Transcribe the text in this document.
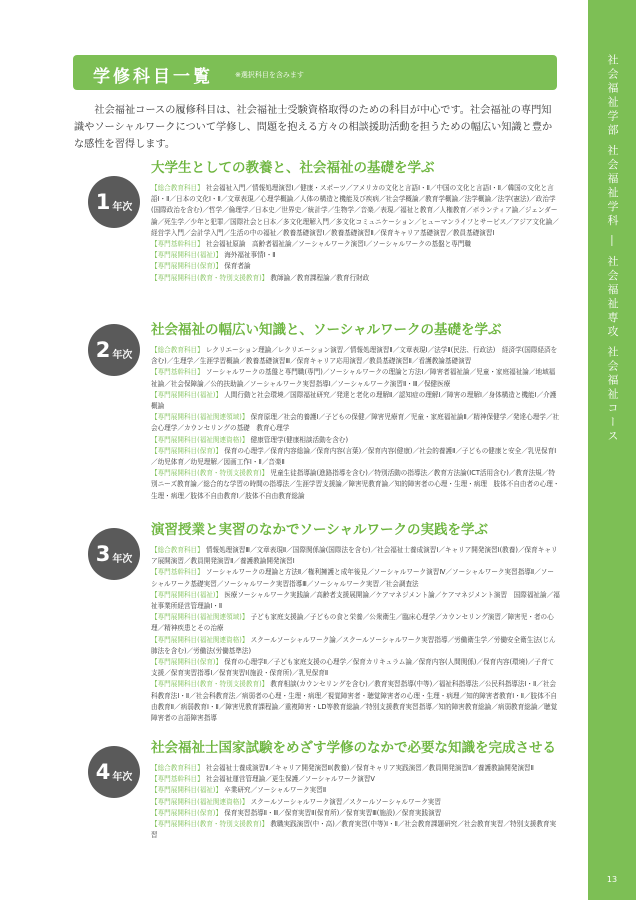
学修科目一覧	※選択科目を含みます

社会福祉コースの履修科目は、社会福祉士受験資格取得のための科目が中心です。社会福祉の専門知識やソーシャルワークについて学修し、問題を抱える方々の相談援助活動を担うための幅広い知識と豊かな感性を習得します。

1 年次
大学生としての教養と、社会福祉の基礎を学ぶ

【総合教育科目】 社会福祉入門／情報処理演習Ⅰ／健康・スポーツ／アメリカの文化と言語Ⅰ・Ⅱ／中国の文化と言語Ⅰ・Ⅱ／韓国の文化と言語Ⅰ・Ⅱ／日本の文化Ⅰ・Ⅱ／文章表現／心理学概論／人体の構造と機能及び疾病／社会学概論／教育学概論／法学概論／法学(憲法)／政治学(国際政治を含む)／哲学／倫理学／日本史／世界史／統計学／生物学／音楽／表現／福祉と教育／人権教育／ボランティア論／ジェンダー論／死生学／少年と犯罪／国際社会と日本／多文化理解入門／多文化コミュニケーション／ヒューマンライフとサービス／アジア文化論／経営学入門／会計学入門／生活の中の福祉／教養基礎演習Ⅰ／教養基礎演習Ⅱ／保育キャリア基礎演習／教員基礎演習Ⅰ

【専門基幹科目】 社会福祉原論　高齢者福祉論／ソーシャルワーク演習Ⅰ／ソーシャルワークの基盤と専門職

【専門展開科目(福祉)】 海外福祉事情Ⅰ・Ⅱ

【専門展開科目(保育)】 保育者論

【専門展開科目(教育・特別支援教育)】 教師論／教育課程論／教育行財政

2 年次
社会福祉の幅広い知識と、ソーシャルワークの基礎を学ぶ

【総合教育科目】 レクリエーション理論／レクリエーション演習／情報処理演習Ⅱ／文章表現Ⅰ／法学Ⅱ(民法、行政法)　経済学(国際経済を含む)／生理学／生涯学習概論／教養基礎演習Ⅲ／保育キャリア応用演習／教員基礎演習Ⅱ／看護教論基礎演習

【専門基幹科目】 ソーシャルワークの基盤と専門職(専門)／ソーシャルワークの理論と方法Ⅰ／障害者福祉論／児童・家庭福祉論／地域福祉論／社会保障論／公的扶助論／ソーシャルワーク実習指導Ⅰ／ソーシャルワーク演習Ⅱ・Ⅲ／保健医療

【専門展開科目(福祉)】 人間行動と社会環境／国際福祉研究／発達と老化の理解Ⅱ／認知症の理解Ⅰ／障害の理解Ⅰ／身体構造と機能Ⅰ／介護概論

【専門展開科目(福祉関連領域)】 保育原理／社会的養護Ⅰ／子どもの保健／障害児療育／児童・家庭福祉論Ⅱ／精神保健学／発達心理学／社会心理学／カウンセリングの基礎　教育心理学

【専門展開科目(福祉関連資格)】 健康管理学(健康相談活動を含む)

【専門展開科目(保育)】 保育の心理学／保育内容総論／保育内容(言葉)／保育内容(健康)／社会的養護Ⅱ／子どもの健康と安全／乳児保育Ⅰ／幼児体育／幼児理解／図画工作Ⅰ・Ⅱ／音楽Ⅱ

【専門展開科目(教育・特別支援教育)】 児童生徒指導論(進路指導を含む)／特別活動の指導法／教育方法論(ICT活用含む)／教育法規／特別ニーズ教育論／総合的な学習の時間の指導法／生涯学習支援論／障害児教育論／知的障害者の心理・生理・病理　肢体不自由者の心理・生理・病理／肢体不自由教育Ⅰ／肢体不自由教育総論

3 年次
演習授業と実習のなかでソーシャルワークの実践を学ぶ

【総合教育科目】 情報処理演習Ⅲ／文章表現Ⅱ／国際関係論(国際法を含む)／社会福祉士養成演習Ⅰ／キャリア開発演習Ⅰ(教養)／保育キャリア展開演習／教員開発演習Ⅱ／養護教論開発演習Ⅰ

【専門基幹科目】 ソーシャルワークの理論と方法Ⅱ／権利擁護と成年後見／ソーシャルワーク演習Ⅳ／ソーシャルワーク実習指導Ⅱ／ソーシャルワーク基礎実習／ソーシャルワーク実習指導Ⅲ／ソーシャルワーク実習／社会調査法

【専門展開科目(福祉)】 医療ソーシャルワーク実践論／高齢者支援展開論／ケアマネジメント論／ケアマネジメント演習　国際福祉論／福祉事業所経営管理論Ⅰ・Ⅱ

【専門展開科目(福祉関連領域)】 子ども家庭支援論／子どもの食と栄養／公衆衛生／臨床心理学／カウンセリング演習／障害児・者の心理／精神疾患とその治療

【専門展開科目(福祉関連資格)】 スクールソーシャルワーク論／スクールソーシャルワーク実習指導／労働衛生学／労働安全衛生法(じん肺法を含む)／労働法(労働基準法)

【専門展開科目(保育)】 保育の心理学Ⅱ／子ども家庭支援の心理学／保育カリキュラム論／保育内容(人間関係)／保育内容(環境)／子育て支援／保育実習指導Ⅰ／保育実習Ⅰ(施設・保育所)／乳児保育Ⅱ

【専門展開科目(教育・特別支援教育)】 教育相談(カウンセリングを含む)／教育実習指導(中等)／福祉科指導法／公民科指導法Ⅰ・Ⅱ／社会科教育法Ⅰ・Ⅱ／社会科教育法／病弱者の心理・生理・病理／視覚障害者・聴覚障害者の心理・生理・病理／知的障害者教育Ⅰ・Ⅱ／肢体不自由教育Ⅱ／病弱教育Ⅰ・Ⅱ／障害児教育課程論／重複障害・LD等教育総論／特別支援教育実習指導／知的障害教育総論／病弱教育総論／聴覚障害者の言語障害指導

4 年次
社会福祉士国家試験をめざす学修のなかで必要な知識を完成させる

【総合教育科目】 社会福祉士養成演習Ⅱ／キャリア開発演習Ⅱ(教養)／保育キャリア実践演習／教員開発演習Ⅱ／養護教論開発演習Ⅱ

【専門基幹科目】 社会福祉運営管理論／更生保護／ソーシャルワーク演習Ⅴ

【専門展開科目(福祉)】 卒業研究／ソーシャルワーク実習Ⅱ

【専門展開科目(福祉関連資格)】 スクールソーシャルワーク演習／スクールソーシャルワーク実習

【専門展開科目(保育)】 保育実習指導Ⅱ・Ⅲ／保育実習Ⅱ(保育所)／保育実習Ⅲ(施設)／保育実践演習

【専門展開科目(教育・特別支援教育)】 教職実践演習(中・高)／教育実習(中等)Ⅰ・Ⅱ／社会教育課題研究／社会教育実習／特別支援教育実習

社会福祉学部 社会福祉学科 ― 社会福祉専攻 社会福祉コース
13
